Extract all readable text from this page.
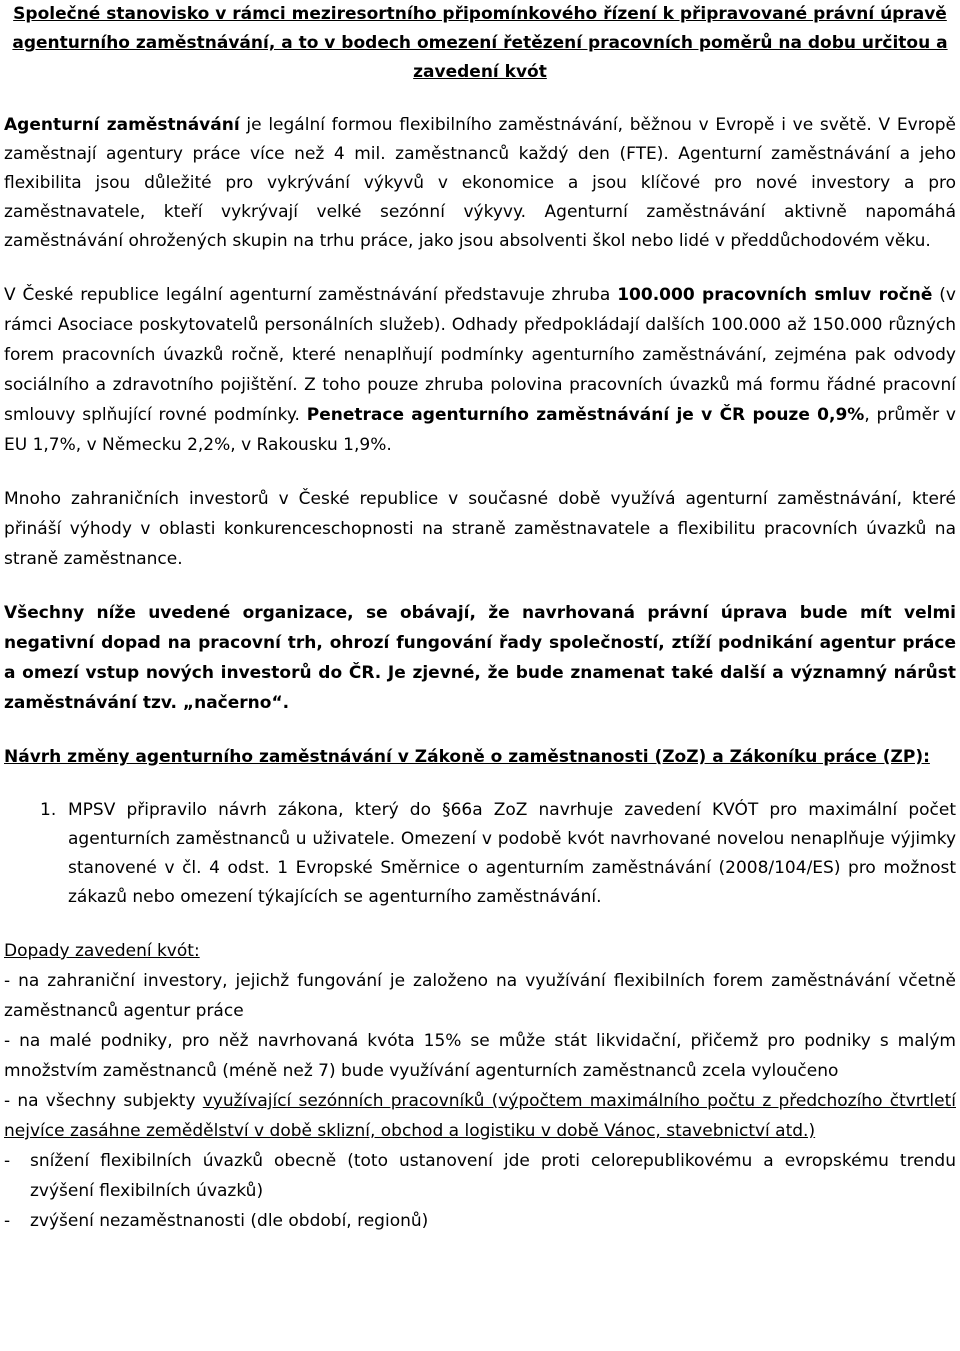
Společné stanovisko v rámci meziresortního připomínkového řízení k připravované právní úpravě agenturního zaměstnávání, a to v bodech omezení řetězení pracovních poměrů na dobu určitou a zavedení kvót

Agenturní zaměstnávání je legální formou flexibilního zaměstnávání, běžnou v Evropě i ve světě. V Evropě zaměstnají agentury práce více než 4 mil. zaměstnanců každý den (FTE). Agenturní zaměstnávání a jeho flexibilita jsou důležité pro vykrývání výkyvů v ekonomice a jsou klíčové pro nové investory a pro zaměstnavatele, kteří vykrývají velké sezónní výkyvy. Agenturní zaměstnávání aktivně napomáhá zaměstnávání ohrožených skupin na trhu práce, jako jsou absolventi škol nebo lidé v předdůchodovém věku.

V České republice legální agenturní zaměstnávání představuje zhruba 100.000 pracovních smluv ročně (v rámci Asociace poskytovatelů personálních služeb). Odhady předpokládají dalších 100.000 až 150.000 různých forem pracovních úvazků ročně, které nenaplňují podmínky agenturního zaměstnávání, zejména pak odvody sociálního a zdravotního pojištění. Z toho pouze zhruba polovina pracovních úvazků má formu řádné pracovní smlouvy splňující rovné podmínky. Penetrace agenturního zaměstnávání je v ČR pouze 0,9%, průměr v EU 1,7%, v Německu 2,2%, v Rakousku 1,9%.

Mnoho zahraničních investorů v České republice v současné době využívá agenturní zaměstnávání, které přináší výhody v oblasti konkurenceschopnosti na straně zaměstnavatele a flexibilitu pracovních úvazků na straně zaměstnance.

Všechny níže uvedené organizace, se obávají, že navrhovaná právní úprava bude mít velmi negativní dopad na pracovní trh, ohrozí fungování řady společností, ztíží podnikání agentur práce a omezí vstup nových investorů do ČR. Je zjevné, že bude znamenat také další a významný nárůst zaměstnávání tzv. „načerno“.

Návrh změny agenturního zaměstnávání v Zákoně o zaměstnanosti (ZoZ) a Zákoníku práce (ZP):

1. MPSV připravilo návrh zákona, který do §66a ZoZ navrhuje zavedení KVÓT pro maximální počet agenturních zaměstnanců u uživatele. Omezení v podobě kvót navrhované novelou nenaplňuje výjimky stanovené v čl. 4 odst. 1 Evropské Směrnice o agenturním zaměstnávání (2008/104/ES) pro možnost zákazů nebo omezení týkajících se agenturního zaměstnávání.

Dopady zavedení kvót:

- na zahraniční investory, jejichž fungování je založeno na využívání flexibilních forem zaměstnávání včetně zaměstnanců agentur práce

- na malé podniky, pro něž navrhovaná kvóta 15% se může stát likvidační, přičemž pro podniky s malým množstvím zaměstnanců (méně než 7) bude využívání agenturních zaměstnanců zcela vyloučeno

- na všechny subjekty využívající sezónních pracovníků (výpočtem maximálního počtu z předchozího čtvrtletí nejvíce zasáhne zemědělství v době sklizní, obchod a logistiku v době Vánoc, stavebnictví atd.)

- snížení flexibilních úvazků obecně (toto ustanovení jde proti celorepublikovému a evropskému trendu zvýšení flexibilních úvazků)

- zvýšení nezaměstnanosti (dle období, regionů)
